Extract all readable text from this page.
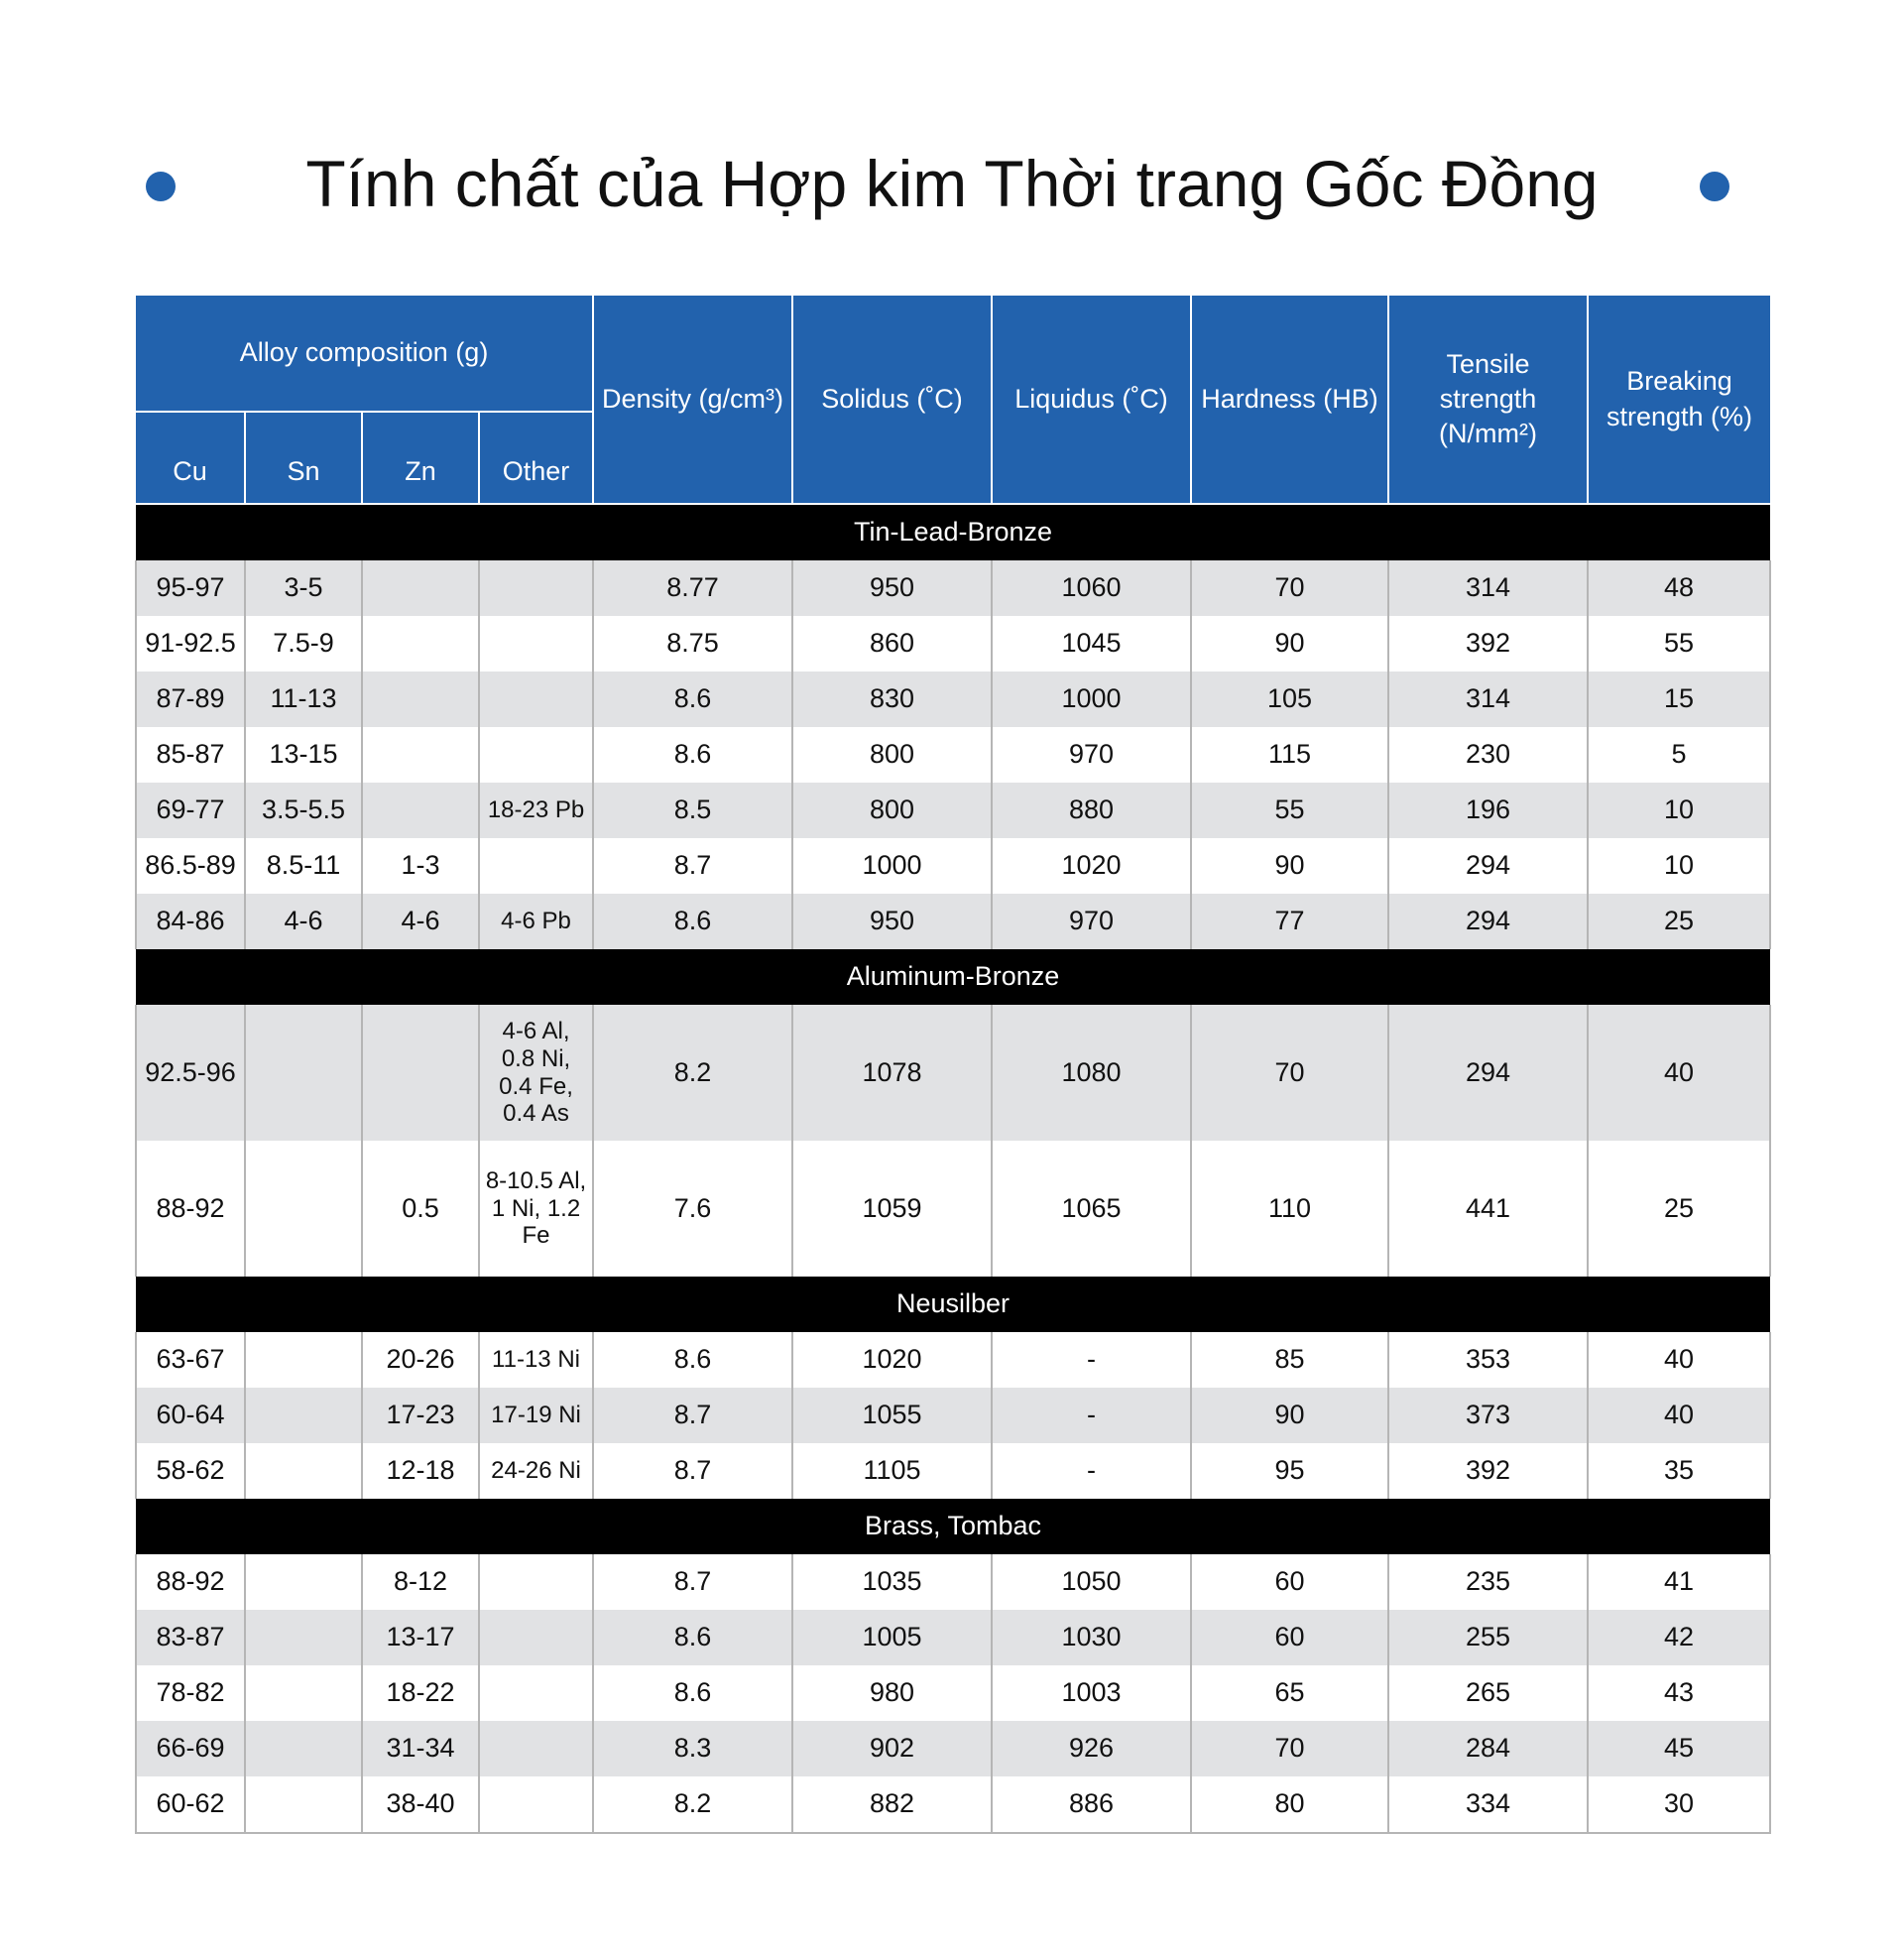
Tính chất của Hợp kim Thời trang Gốc Đồng
Alloy composition (g)				Density (g/cm³)	Solidus (˚C)	Liquidus (˚C)	Hardness (HB)	Tensile strength (N/mm²)	Breaking strength (%)
Cu	Sn	Zn	Other						
Tin-Lead-Bronze									
95-97	3-5			8.77	950	1060	70	314	48
91-92.5	7.5-9			8.75	860	1045	90	392	55
87-89	11-13			8.6	830	1000	105	314	15
85-87	13-15			8.6	800	970	115	230	5
69-77	3.5-5.5		18-23 Pb	8.5	800	880	55	196	10
86.5-89	8.5-11	1-3		8.7	1000	1020	90	294	10
84-86	4-6	4-6	4-6 Pb	8.6	950	970	77	294	25
Aluminum-Bronze									
92.5-96			4-6 Al, 0.8 Ni, 0.4 Fe, 0.4 As	8.2	1078	1080	70	294	40
88-92		0.5	8-10.5 Al, 1 Ni, 1.2 Fe	7.6	1059	1065	110	441	25
Neusilber									
63-67		20-26	11-13 Ni	8.6	1020	-	85	353	40
60-64		17-23	17-19 Ni	8.7	1055	-	90	373	40
58-62		12-18	24-26 Ni	8.7	1105	-	95	392	35
Brass, Tombac									
88-92		8-12		8.7	1035	1050	60	235	41
83-87		13-17		8.6	1005	1030	60	255	42
78-82		18-22		8.6	980	1003	65	265	43
66-69		31-34		8.3	902	926	70	284	45
60-62		38-40		8.2	882	886	80	334	30
